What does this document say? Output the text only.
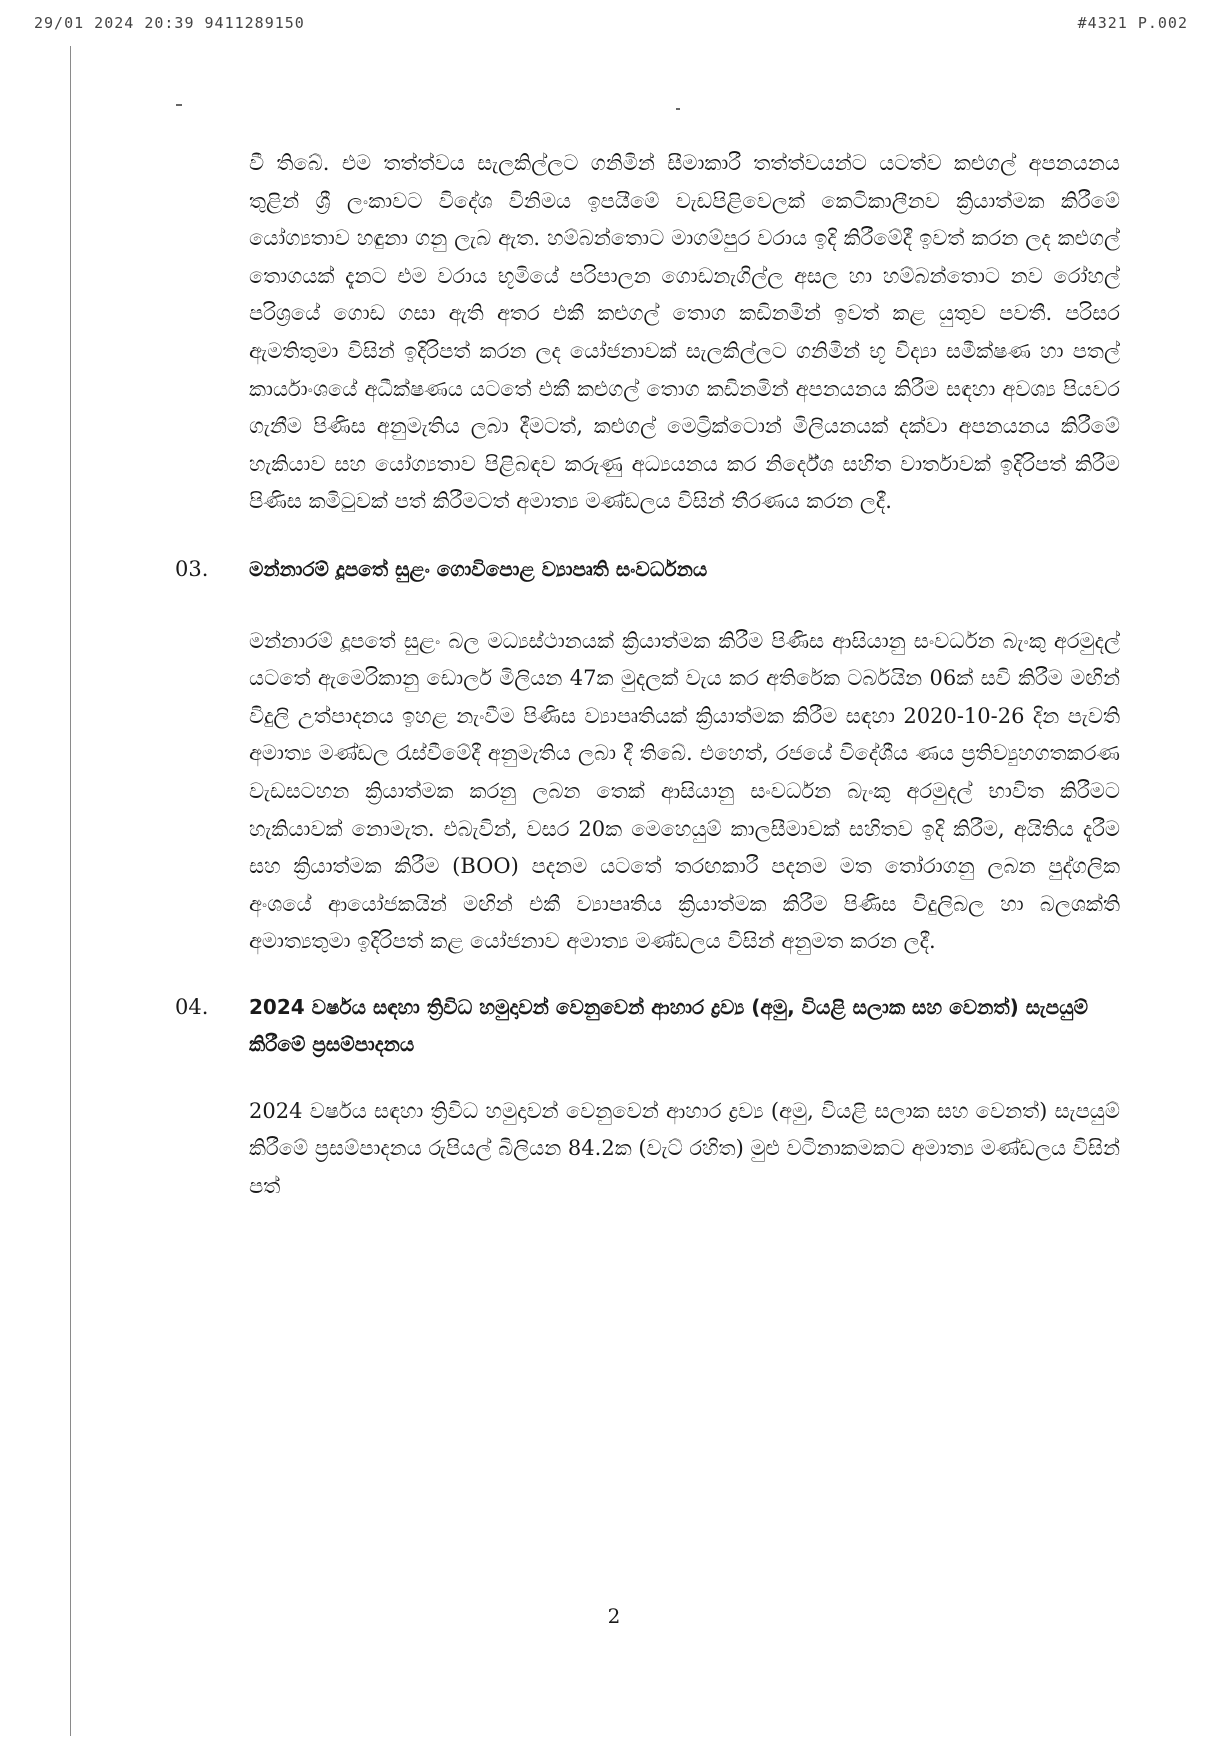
29/01 2024 20:39 9411289150	#4321 P.002

වී තිබේ. එම තත්ත්වය සැලකිල්ලට ගනිමින් සීමාකාරී තත්ත්වයන්ට යටත්ව කළුගල් අපනයනය තුළින් ශ්‍රී ලංකාවට විදේශ විනිමය ඉපයීමේ වැඩපිළිවෙලක් කෙටිකාලීනව ක්‍රියාත්මක කිරීමේ යෝග්‍යතාව හඳුනා ගනු ලැබ ඇත. හම්බන්තොට මාගම්පුර වරාය ඉදි කිරීමේදී ඉවත් කරන ලද කළුගල් තොගයක් දැනට එම වරාය භූමියේ පරිපාලන ගොඩනැගිල්ල අසල හා හම්බන්තොට නව රෝහල් පරිශ්‍රයේ ගොඩ ගසා ඇති අතර එකී කළුගල් තොග කඩිනමින් ඉවත් කළ යුතුව පවතී. පරිසර ඇමතිතුමා විසින් ඉදිරිපත් කරන ලද යෝජනාවක් සැලකිල්ලට ගනිමින් භූ විද්‍යා සමීක්ෂණ හා පතල් කාර්යාංශයේ අධීක්ෂණය යටතේ එකී කළුගල් තොග කඩිනමින් අපනයනය කිරීම සඳහා අවශ්‍ය පියවර ගැනීම පිණිස අනුමැතිය ලබා දීමටත්, කළුගල් මෙට්‍රික්ටොන් මිලියනයක් දක්වා අපනයනය කිරීමේ හැකියාව සහ යෝග්‍යතාව පිළිබඳව කරුණු අධ්‍යයනය කර නිර්දේශ සහිත වාර්තාවක් ඉදිරිපත් කිරීම පිණිස කමිටුවක් පත් කිරීමටත් අමාත්‍ය මණ්ඩලය විසින් තීරණය කරන ලදී.

03.	මන්නාරම් දූපතේ සුළං ගොවිපොළ ව්‍යාපෘති සංවර්ධනය

මන්නාරම් දූපතේ සුළං බල මධ්‍යස්ථානයක් ක්‍රියාත්මක කිරීම පිණිස ආසියානු සංවර්ධන බැංකු අරමුදල් යටතේ ඇමෙරිකානු ඩොලර් මිලියන 47ක මුදලක් වැය කර අතිරේක ටර්බයින 06ක් සවි කිරීම මඟින් විදුලි උත්පාදනය ඉහළ නැංවීම පිණිස ව්‍යාපෘතියක් ක්‍රියාත්මක කිරීම සඳහා 2020-10-26 දින පැවති අමාත්‍ය මණ්ඩල රැස්වීමේදී අනුමැතිය ලබා දී තිබේ. එහෙත්, රජයේ විදේශීය ණය ප්‍රතිව්‍යුහගතකරණ වැඩසටහන ක්‍රියාත්මක කරනු ලබන තෙක් ආසියානු සංවර්ධන බැංකු අරමුදල් භාවිත කිරීමට හැකියාවක් නොමැත. එබැවින්, වසර 20ක මෙහෙයුම් කාලසීමාවක් සහිතව ඉදි කිරීම, අයිතිය දැරීම සහ ක්‍රියාත්මක කිරීම (BOO) පදනම යටතේ තරඟකාරී පදනම මත තෝරාගනු ලබන පුද්ගලික අංශයේ ආයෝජකයින් මඟින් එකී ව්‍යාපෘතිය ක්‍රියාත්මක කිරීම පිණිස විදුලිබල හා බලශක්ති අමාත්‍යතුමා ඉදිරිපත් කළ යෝජනාව අමාත්‍ය මණ්ඩලය විසින් අනුමත කරන ලදී.

04.	2024 වර්ෂය සඳහා ත්‍රිවිධ හමුදාවන් වෙනුවෙන් ආහාර ද්‍රව්‍ය (අමු, වියළි සලාක සහ වෙනත්) සැපයුම් කිරීමේ ප්‍රසම්පාදනය

2024 වර්ෂය සඳහා ත්‍රිවිධ හමුදාවන් වෙනුවෙන් ආහාර ද්‍රව්‍ය (අමු, වියළි සලාක සහ වෙනත්) සැපයුම් කිරීමේ ප්‍රසම්පාදනය රුපියල් බිලියන 84.2ක (වැට් රහිත) මුළු වටිනාකමකට අමාත්‍ය මණ්ඩලය විසින් පත්

2
